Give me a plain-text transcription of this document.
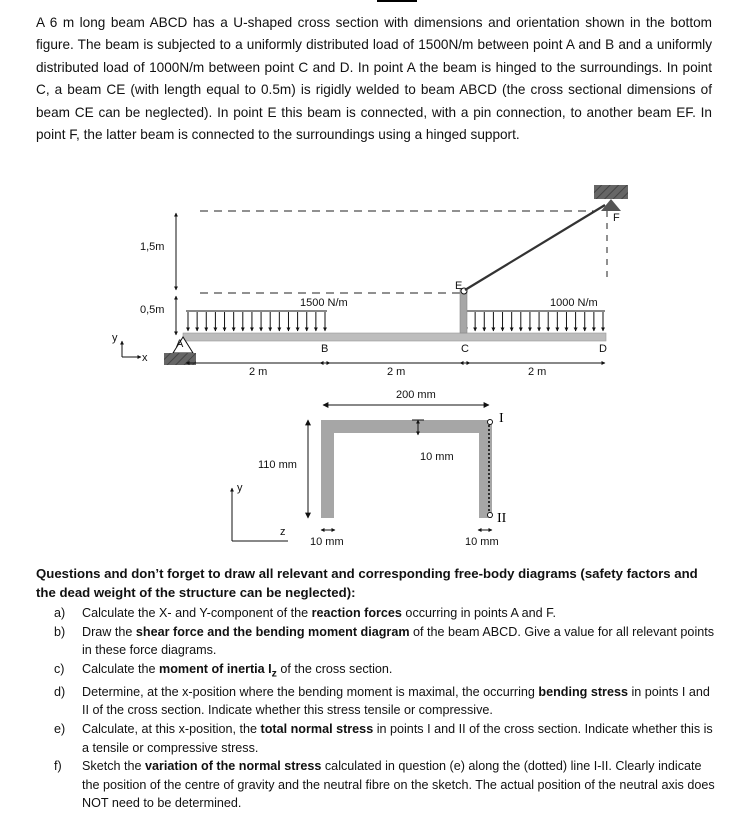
A 6 m long beam ABCD has a U-shaped cross section with dimensions and orientation shown in the bottom figure. The beam is subjected to a uniformly distributed load of 1500N/m between point A and B and a uniformly distributed load of 1000N/m between point C and D. In point A the beam is hinged to the surroundings. In point C, a beam CE (with length equal to 0.5m) is rigidly welded to beam ABCD (the cross sectional dimensions of beam CE can be neglected). In point E this beam is connected, with a pin connection, to another beam EF. In point F, the latter beam is connected to the surroundings using a hinged support.

1,5m
0,5m
1500 N/m	1000 N/m
y
x
A	B	C	D
E
F
2 m	2 m	2 m
200 mm
10 mm
110 mm
I
II
10 mm	10 mm
y
z

Questions and don’t forget to draw all relevant and corresponding free-body diagrams (safety factors and the dead weight of the structure can be neglected):

a)	Calculate the X- and Y-component of the reaction forces occurring in points A and F.
b)	Draw the shear force and the bending moment diagram of the beam ABCD. Give a value for all relevant points in these force diagrams.
c)	Calculate the moment of inertia $I_z$ of the cross section.
d)	Determine, at the x-position where the bending moment is maximal, the occurring bending stress in points I and II of the cross section. Indicate whether this stress tensile or compressive.
e)	Calculate, at this x-position, the total normal stress in points I and II of the cross section. Indicate whether this is a tensile or compressive stress.
f)	Sketch the variation of the normal stress calculated in question (e) along the (dotted) line I-II. Clearly indicate the position of the centre of gravity and the neutral fibre on the sketch. The actual position of the neutral axis does NOT need to be determined.
